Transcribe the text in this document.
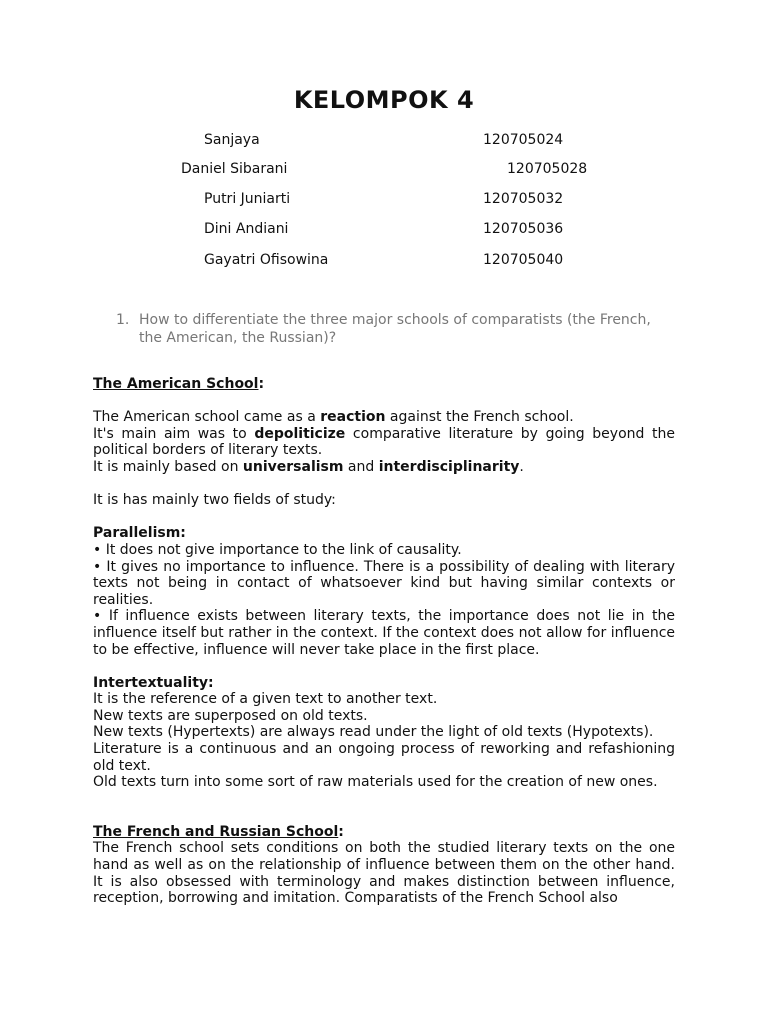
KELOMPOK 4
Sanjaya	120705024
Daniel Sibarani	120705028
Putri Juniarti	120705032
Dini Andiani	120705036
Gayatri Ofisowina	120705040
1. How to differentiate the three major schools of comparatists (the French, the American, the Russian)?

The American School:

The American school came as a reaction against the French school.

It's main aim was to depoliticize comparative literature by going beyond the political borders of literary texts.

It is mainly based on universalism and interdisciplinarity.

It is has mainly two fields of study:

Parallelism:

• It does not give importance to the link of causality.

• It gives no importance to influence. There is a possibility of dealing with literary texts not being in contact of whatsoever kind but having similar contexts or realities.

• If influence exists between literary texts, the importance does not lie in the influence itself but rather in the context. If the context does not allow for influence to be effective, influence will never take place in the first place.

Intertextuality:

It is the reference of a given text to another text.

New texts are superposed on old texts.

New texts (Hypertexts) are always read under the light of old texts (Hypotexts).

Literature is a continuous and an ongoing process of reworking and refashioning old text.

Old texts turn into some sort of raw materials used for the creation of new ones.

The French and Russian School:

The French school sets conditions on both the studied literary texts on the one hand as well as on the relationship of influence between them on the other hand. It is also obsessed with terminology and makes distinction between influence, reception, borrowing and imitation. Comparatists of the French School also
